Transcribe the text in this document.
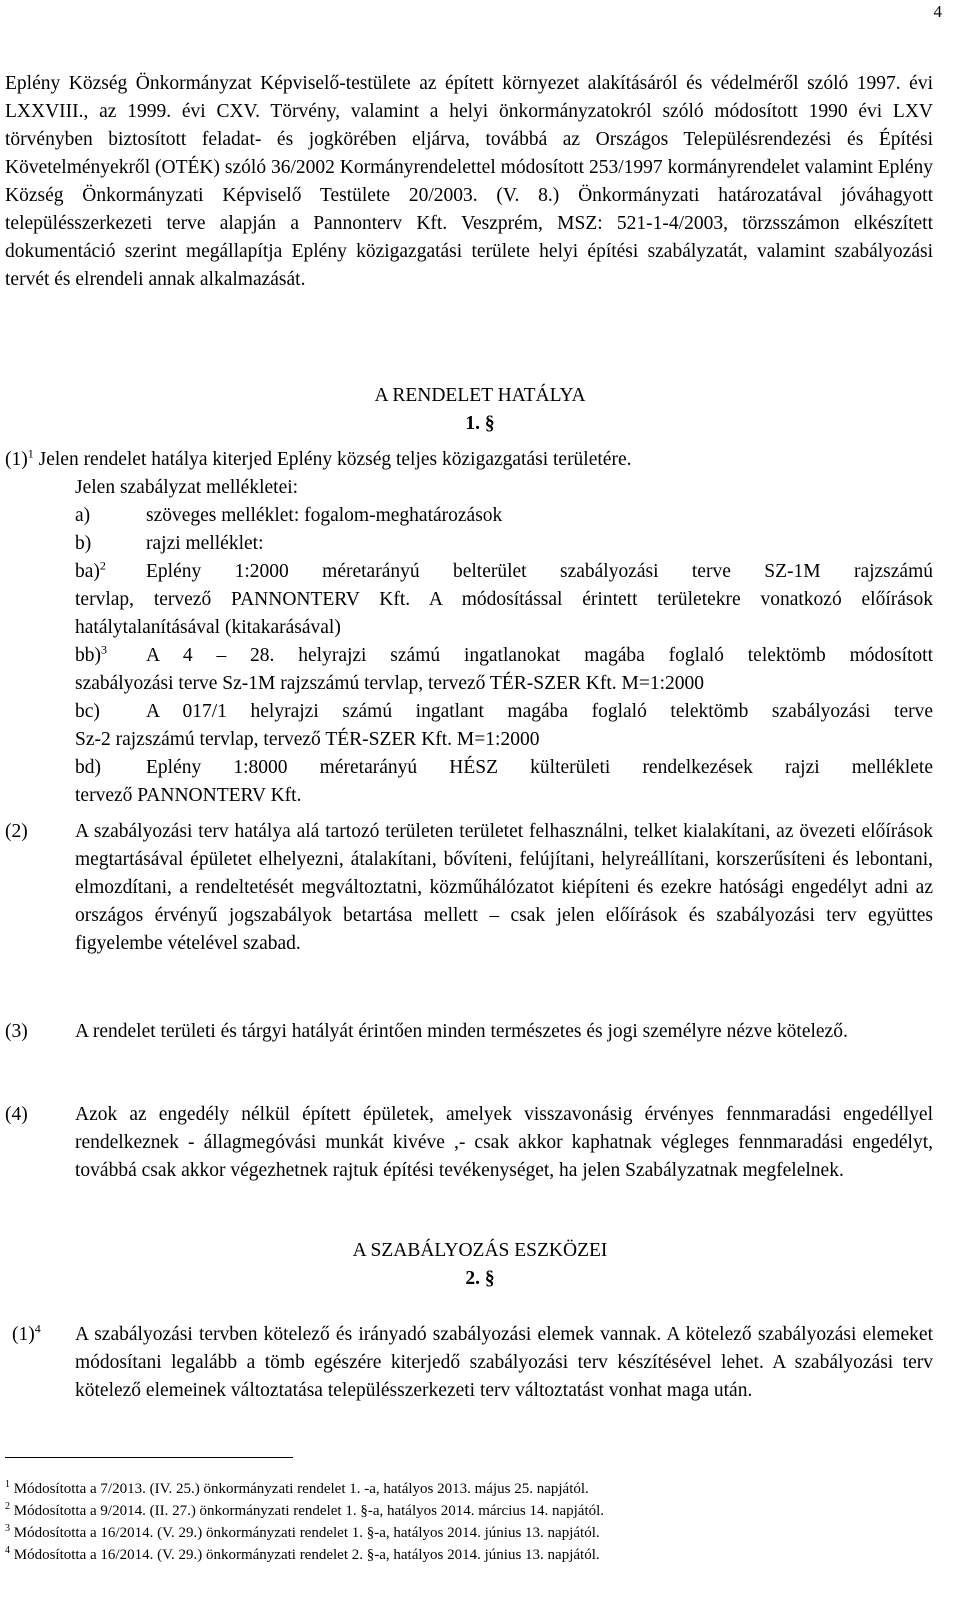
4

Eplény Község Önkormányzat Képviselő-testülete az épített környezet alakításáról és védelméről szóló 1997. évi LXXVIII., az 1999. évi CXV. Törvény, valamint a helyi önkormányzatokról szóló módosított 1990 évi LXV törvényben biztosított feladat- és jogkörében eljárva, továbbá az Országos Településrendezési és Építési Követelményekről (OTÉK) szóló 36/2002 Kormányrendelettel módosított 253/1997 kormányrendelet valamint Eplény Község Önkormányzati Képviselő Testülete 20/2003. (V. 8.) Önkormányzati határozatával jóváhagyott településszerkezeti terve alapján a Pannonterv Kft. Veszprém, MSZ: 521-1-4/2003, törzsszámon elkészített dokumentáció szerint megállapítja Eplény közigazgatási területe helyi építési szabályzatát, valamint szabályozási tervét és elrendeli annak alkalmazását.

A RENDELET HATÁLYA
1. §
$(1)^1$ Jelen rendelet hatálya kiterjed Eplény község teljes közigazgatási területére.
Jelen szabályzat mellékletei:
a)	szöveges melléklet: fogalom-meghatározások
b)	rajzi melléklet:
ba)$^2$ Eplény 1:2000 méretarányú belterület szabályozási terve SZ-1M rajzszámú
tervlap, tervező PANNONTERV Kft. A módosítással érintett területekre vonatkozó előírások hatálytalanításával (kitakarásával)
bb)$^3$ A 4 – 28. helyrajzi számú ingatlanokat magába foglaló telektömb módosított
szabályozási terve Sz-1M rajzszámú tervlap, tervező TÉR-SZER Kft. M=1:2000
bc) A 017/1 helyrajzi számú ingatlant magába foglaló telektömb szabályozási terve
Sz-2 rajzszámú tervlap, tervező TÉR-SZER Kft. M=1:2000
bd) Eplény 1:8000 méretarányú HÉSZ külterületi rendelkezések rajzi melléklete
tervező PANNONTERV Kft.
(2) A szabályozási terv hatálya alá tartozó területen területet felhasználni, telket kialakítani, az övezeti előírások megtartásával épületet elhelyezni, átalakítani, bővíteni, felújítani, helyreállítani, korszerűsíteni és lebontani, elmozdítani, a rendeltetését megváltoztatni, közműhálózatot kiépíteni és ezekre hatósági engedélyt adni az országos érvényű jogszabályok betartása mellett – csak jelen előírások és szabályozási terv együttes figyelembe vételével szabad.
(3) A rendelet területi és tárgyi hatályát érintően minden természetes és jogi személyre nézve kötelező.
(4) Azok az engedély nélkül épített épületek, amelyek visszavonásig érvényes fennmaradási engedéllyel rendelkeznek - állagmegóvási munkát kivéve ,- csak akkor kaphatnak végleges fennmaradási engedélyt, továbbá csak akkor végezhetnek rajtuk építési tevékenységet, ha jelen Szabályzatnak megfelelnek.
$^1$ Módosította a 7/2013. (IV. 25.) önkormányzati rendelet 1. -a, hatályos 2013. május 25. napjától.
$^2$ Módosította a 9/2014. (II. 27.) önkormányzati rendelet 1. §-a, hatályos 2014. március 14. napjától.
$^3$ Módosította a 16/2014. (V. 29.) önkormányzati rendelet 1. §-a, hatályos 2014. június 13. napjától.
$^4$ Módosította a 16/2014. (V. 29.) önkormányzati rendelet 2. §-a, hatályos 2014. június 13. napjától.
A SZABÁLYOZÁS ESZKÖZEI
2. §
$(1)^4$ A szabályozási tervben kötelező és irányadó szabályozási elemek vannak. A kötelező szabályozási elemeket módosítani legalább a tömb egészére kiterjedő szabályozási terv készítésével lehet. A szabályozási terv kötelező elemeinek változtatása településszerkezeti terv változtatást vonhat maga után.
